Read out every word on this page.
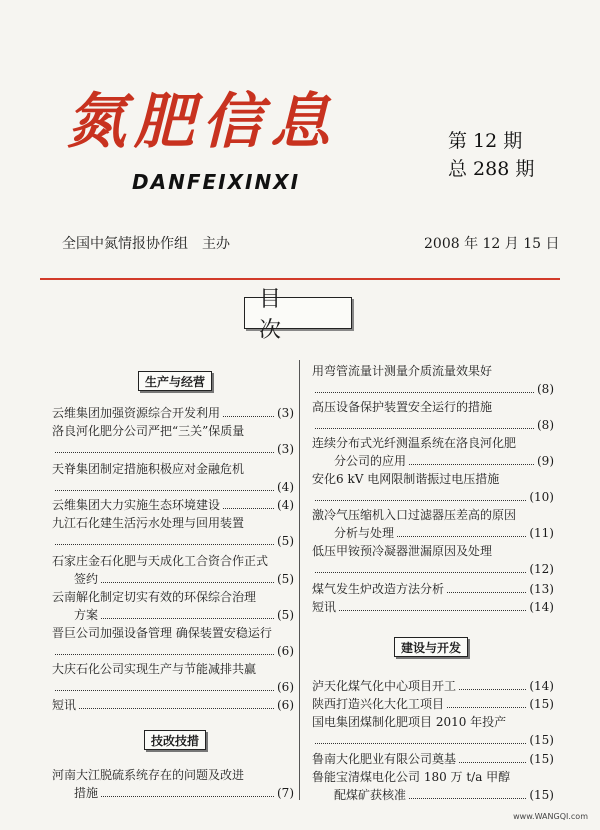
氮肥信息
DANFEIXINXI
第 12 期
总 288 期
全国中氮情报协作组　主办	2008 年 12 月 15 日
目 次
生产与经营
云维集团加强资源综合开发利用	(3)
洛良河化肥分公司严把“三关”保质量
(3)
天脊集团制定措施积极应对金融危机
(4)
云维集团大力实施生态环境建设	(4)
九江石化建生活污水处理与回用装置
(5)
石家庄金石化肥与天成化工合资合作正式
签约	(5)
云南解化制定切实有效的环保综合治理
方案	(5)
晋巨公司加强设备管理 确保装置安稳运行
(6)
大庆石化公司实现生产与节能减排共赢
(6)
短讯	(6)
技改技措
河南大江脱硫系统存在的问题及改进
措施	(7)
用弯管流量计测量介质流量效果好
(8)
高压设备保护装置安全运行的措施
(8)
连续分布式光纤测温系统在洛良河化肥
分公司的应用	(9)
安化6 kV 电网限制谐振过电压措施
(10)
激冷气压缩机入口过滤器压差高的原因
分析与处理	(11)
低压甲铵预冷凝器泄漏原因及处理
(12)
煤气发生炉改造方法分析	(13)
短讯	(14)
建设与开发
泸天化煤气化中心项目开工	(14)
陕西打造兴化大化工项目	(15)
国电集团煤制化肥项目 2010 年投产
(15)
鲁南大化肥业有限公司奠基	(15)
鲁能宝清煤电化公司 180 万 t/a 甲醇
配煤矿获核准	(15)
www.WANGQI.com
